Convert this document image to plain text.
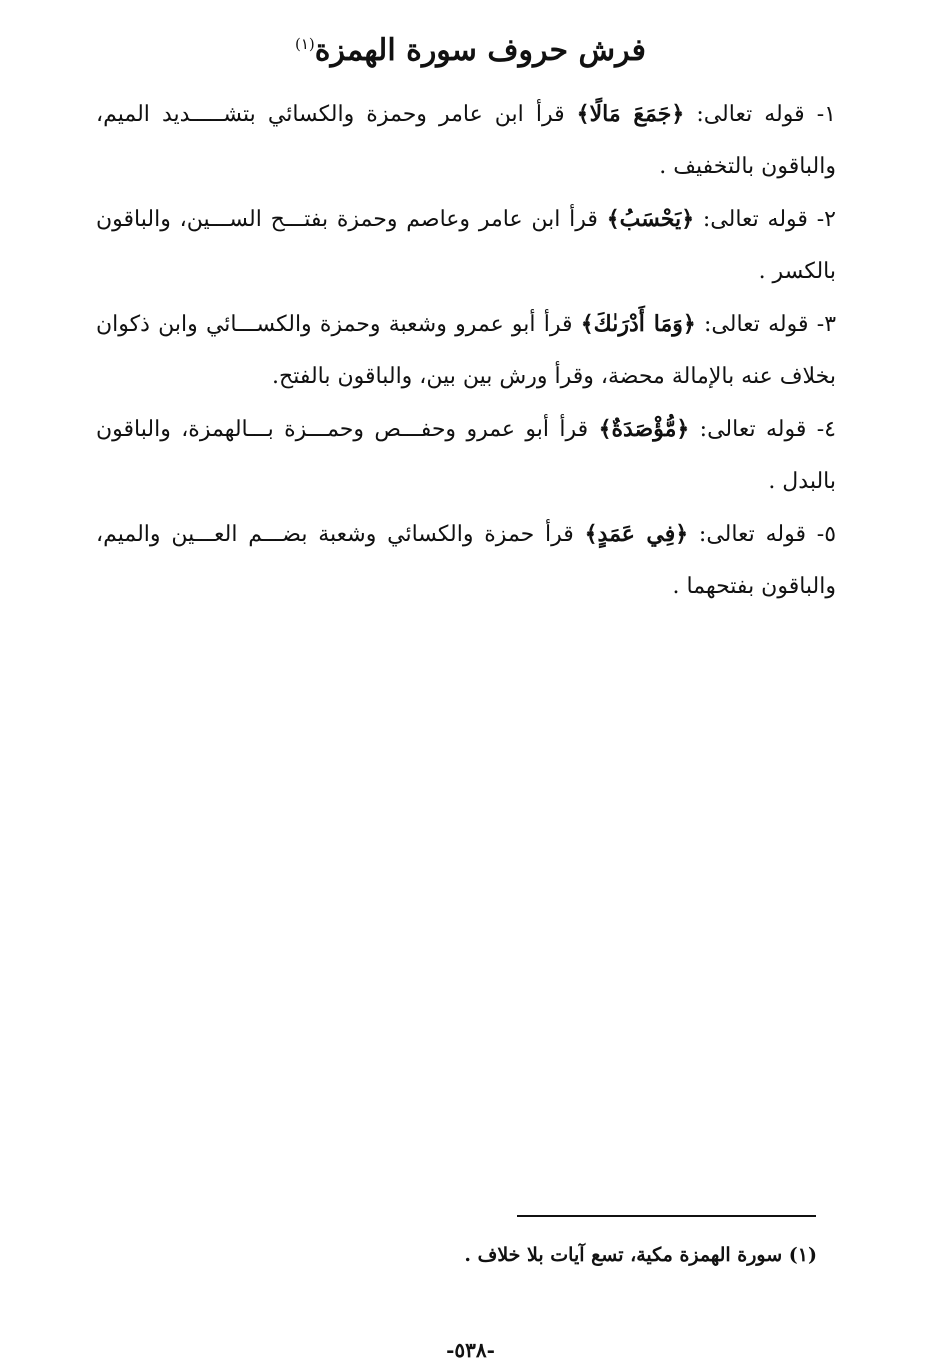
فرش حروف سورة الهمزة$^{(١)}$

١- قوله تعالى: ﴿جَمَعَ مَالًا﴾ قرأ ابن عامر وحمزة والكسائي بتشـــــديد الميم، والباقون بالتخفيف .

٢- قوله تعالى: ﴿يَحْسَبُ﴾ قرأ ابن عامر وعاصم وحمزة بفتـــح الســـين، والباقون بالكسر .

٣- قوله تعالى: ﴿وَمَا أَدْرَىٰكَ﴾ قرأ أبو عمرو وشعبة وحمزة والكســـائي وابن ذكوان بخلاف عنه بالإمالة محضة، وقرأ ورش بين بين، والباقون بالفتح.

٤- قوله تعالى: ﴿مُّؤْصَدَةٌ﴾ قرأ أبو عمرو وحفـــص وحمـــزة بـــالهمزة، والباقون بالبدل .

٥- قوله تعالى: ﴿فِي عَمَدٍ﴾ قرأ حمزة والكسائي وشعبة بضـــم العـــين والميم، والباقون بفتحهما .

(١) سورة الهمزة مكية، تسع آيات بلا خلاف .
-٥٣٨-
